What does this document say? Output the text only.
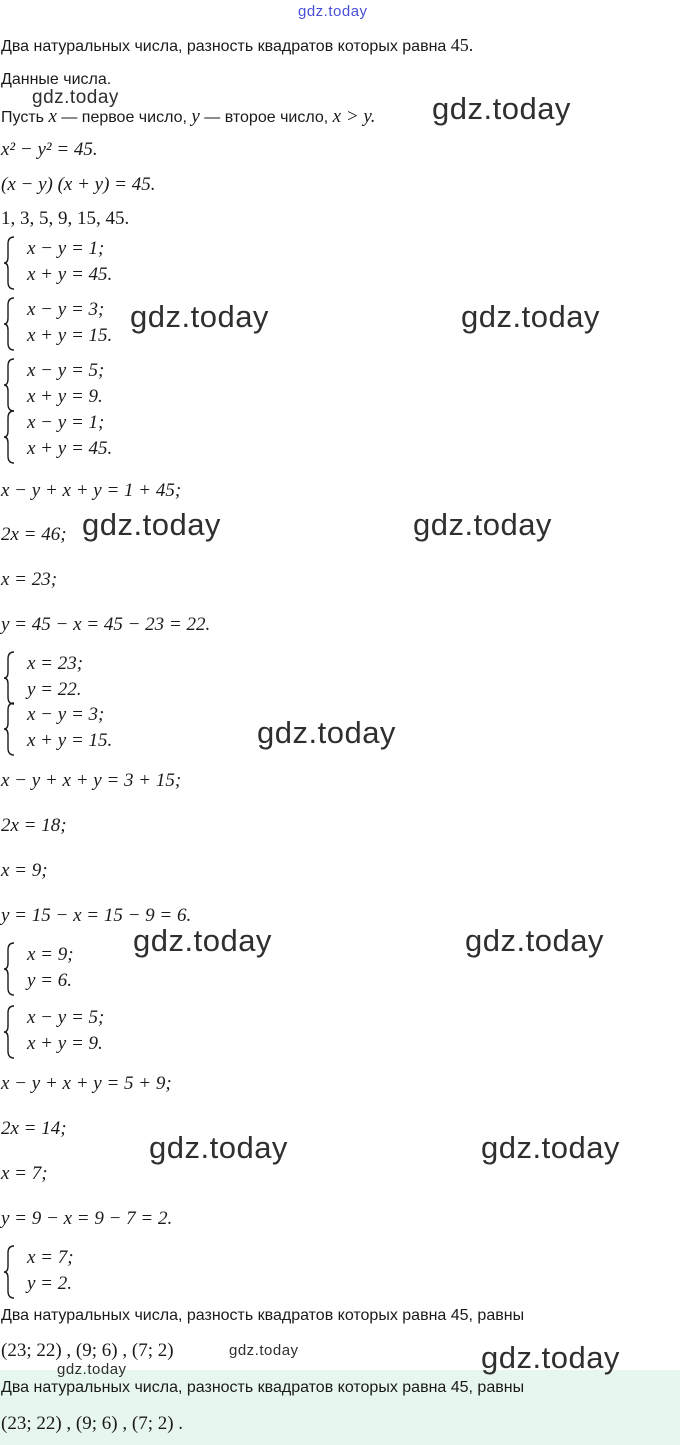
gdz.today
Два натуральных числа, разность квадратов которых равна 45.
Данные числа.
gdz.today
Пусть x — первое число, y — второе число, x > y. gdz.today
x² − y² = 45.
(x − y) (x + y) = 45.
1, 3, 5, 9, 15, 45.
x − y = 1;
x + y = 45.
x − y = 3;
x + y = 15.
gdz.today	gdz.today
x − y = 5;
x + y = 9.
x − y = 1;
x + y = 45.
x − y + x + y = 1 + 45;
2x = 46; gdz.today	gdz.today
x = 23;
y = 45 − x = 45 − 23 = 22.
x = 23;
y = 22.
x − y = 3;
x + y = 15.	gdz.today
x − y + x + y = 3 + 15;
2x = 18;
x = 9;
y = 15 − x = 15 − 9 = 6.
x = 9;
y = 6.
gdz.today	gdz.today
x − y = 5;
x + y = 9.
x − y + x + y = 5 + 9;
2x = 14;
gdz.today	gdz.today
x = 7;
y = 9 − x = 9 − 7 = 2.
x = 7;
y = 2.
Два натуральных числа, разность квадратов которых равна 45, равны
(23; 22) , (9; 6) , (7; 2)	gdz.today
Два натуральных числа, разность квадратов которых равна 45, равны
(23; 22) , (9; 6) , (7; 2) .
gdz.today	gdz.today
